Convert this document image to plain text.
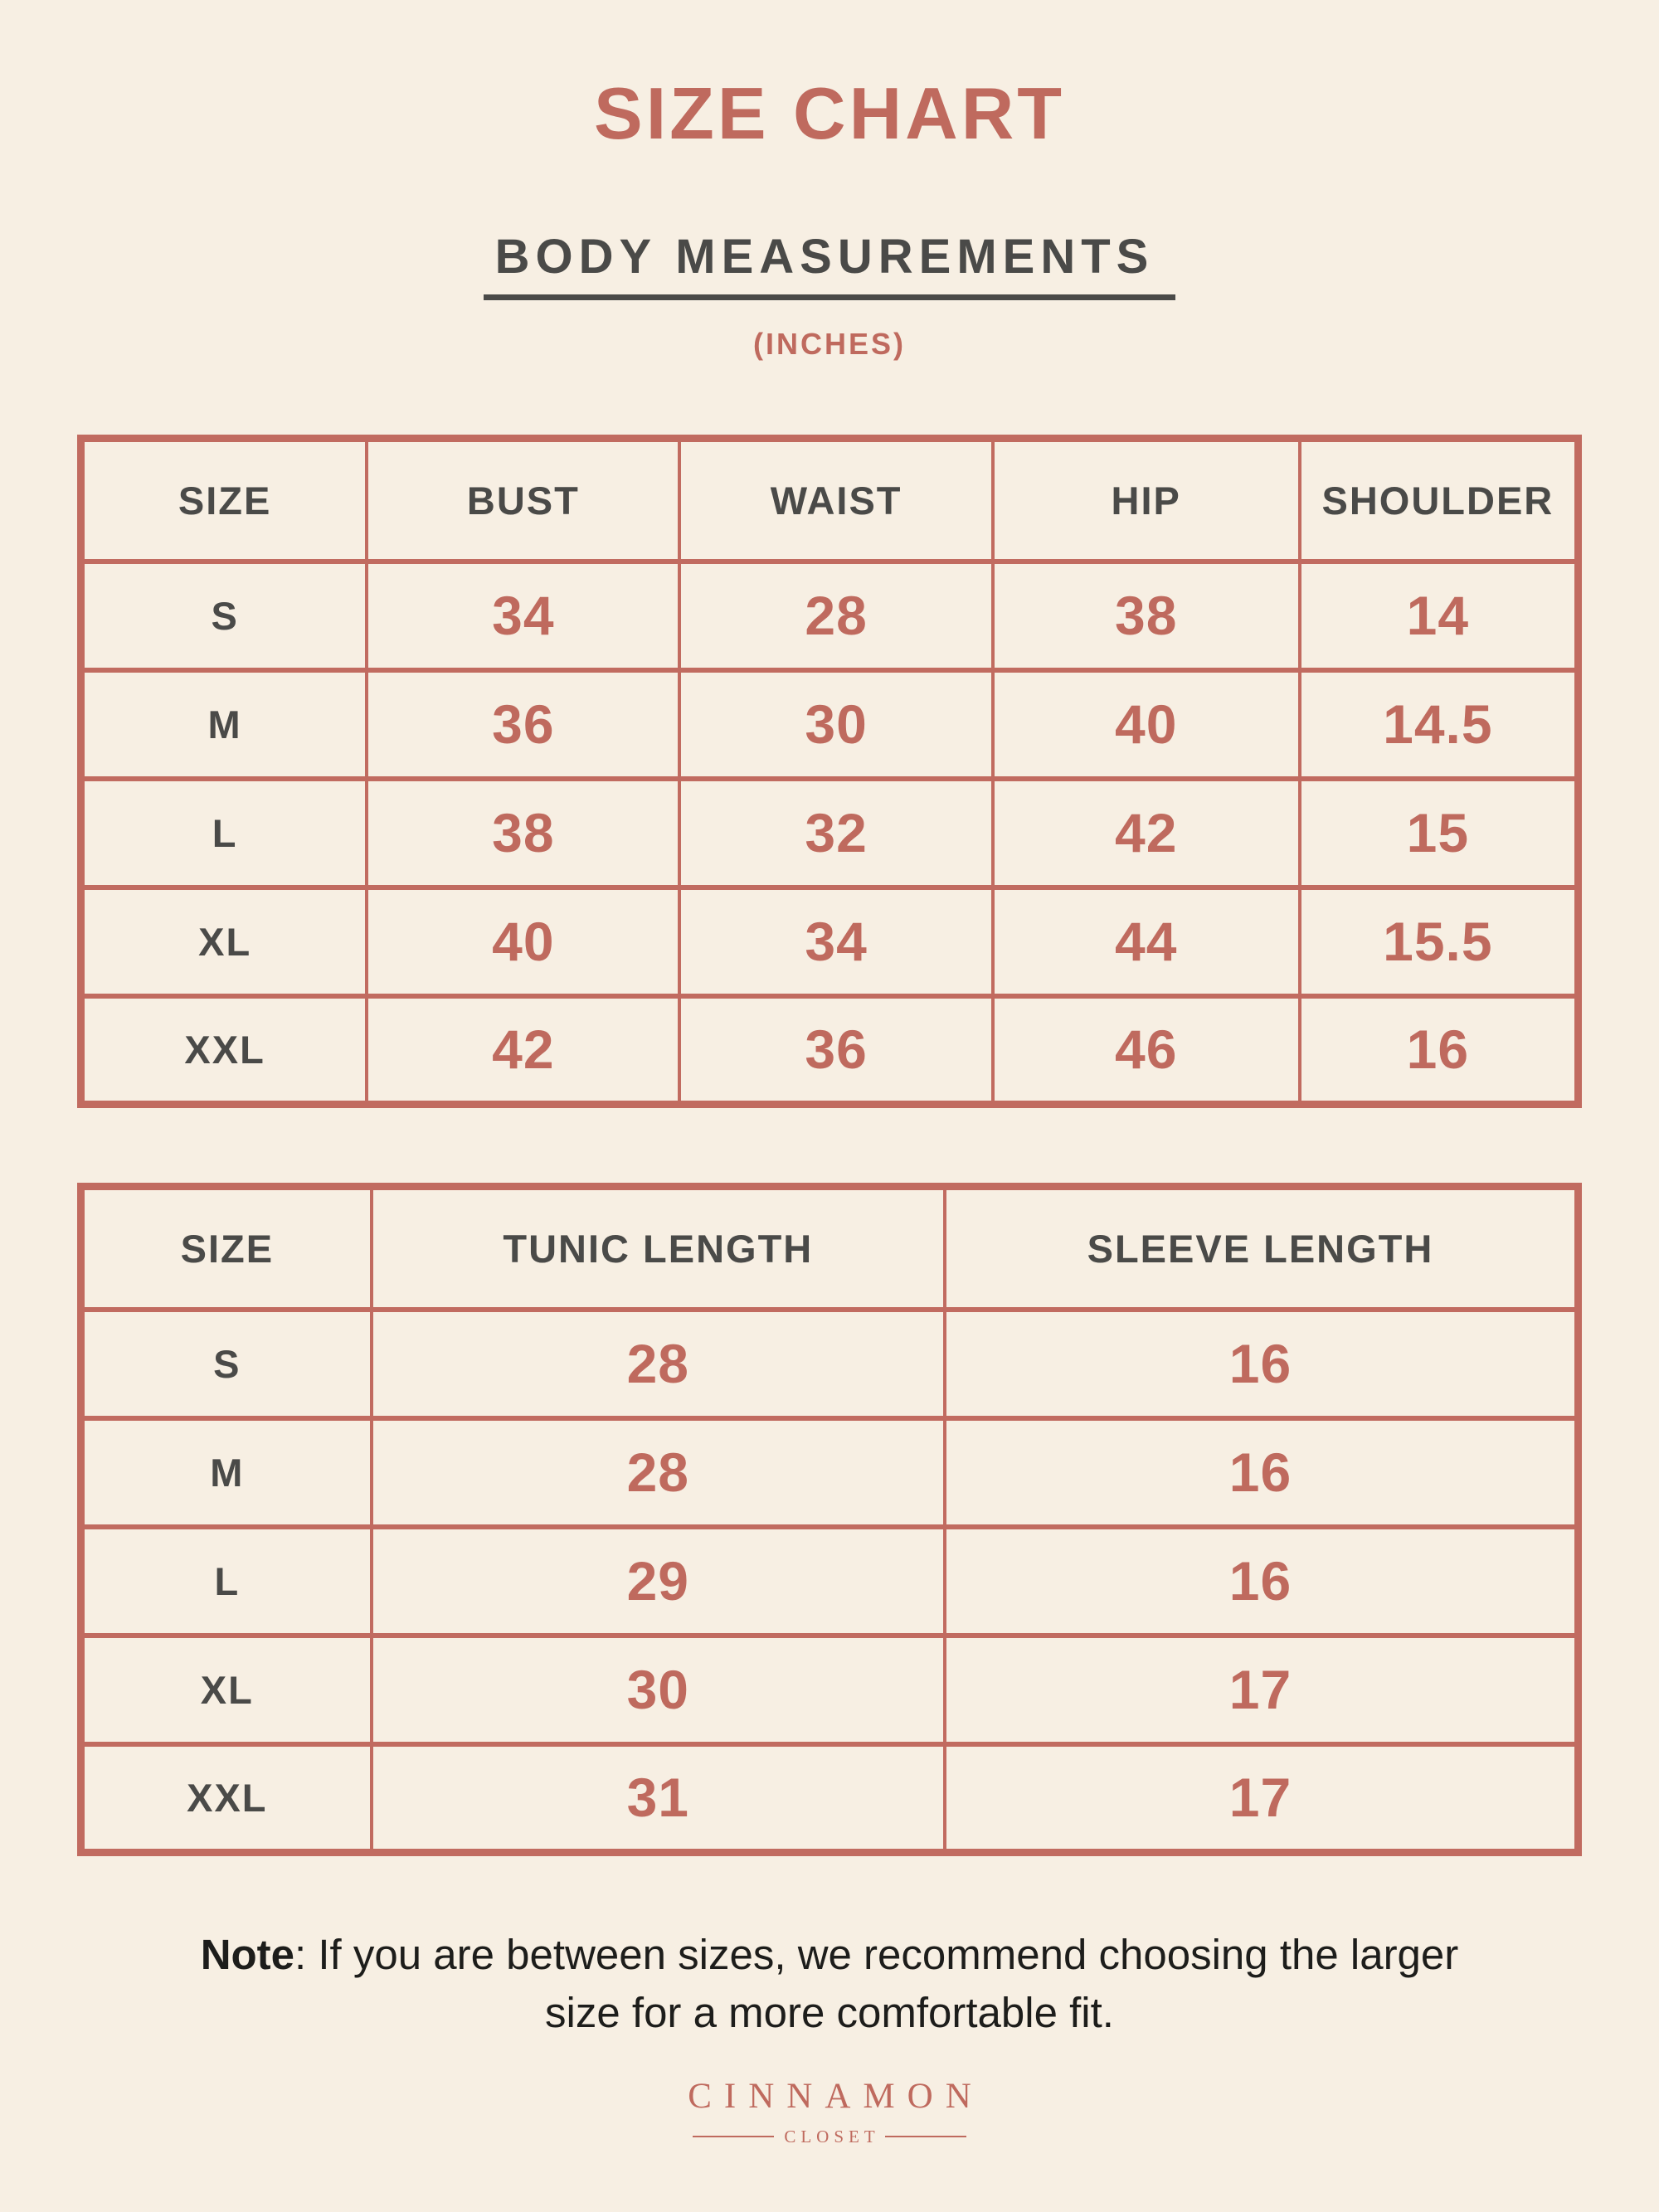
SIZE CHART
BODY MEASUREMENTS
(INCHES)
SIZE	BUST	WAIST	HIP	SHOULDER
S	34	28	38	14
M	36	30	40	14.5
L	38	32	42	15
XL	40	34	44	15.5
XXL	42	36	46	16
SIZE	TUNIC LENGTH	SLEEVE LENGTH
S	28	16
M	28	16
L	29	16
XL	30	17
XXL	31	17

Note: If you are between sizes, we recommend choosing the larger
size for a more comfortable fit.

CINNAMON
CLOSET
